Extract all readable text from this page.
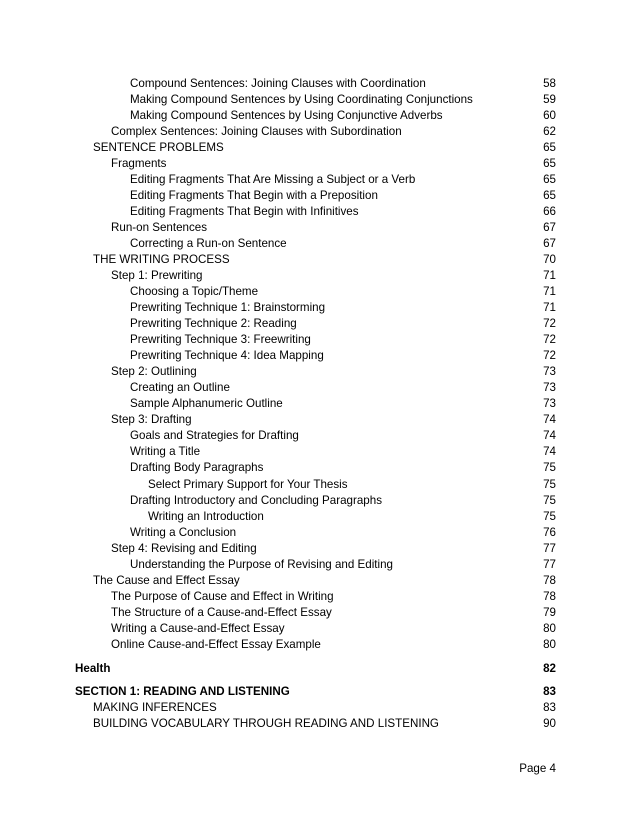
Compound Sentences: Joining Clauses with Coordination	58
Making Compound Sentences by Using Coordinating Conjunctions	59
Making Compound Sentences by Using Conjunctive Adverbs	60
Complex Sentences: Joining Clauses with Subordination	62
SENTENCE PROBLEMS	65
Fragments	65
Editing Fragments That Are Missing a Subject or a Verb	65
Editing Fragments That Begin with a Preposition	65
Editing Fragments That Begin with Infinitives	66
Run-on Sentences	67
Correcting a Run-on Sentence	67
THE WRITING PROCESS	70
Step 1: Prewriting	71
Choosing a Topic/Theme	71
Prewriting Technique 1: Brainstorming	71
Prewriting Technique 2: Reading	72
Prewriting Technique 3: Freewriting	72
Prewriting Technique 4: Idea Mapping	72
Step 2: Outlining	73
Creating an Outline	73
Sample Alphanumeric Outline	73
Step 3: Drafting	74
Goals and Strategies for Drafting	74
Writing a Title	74
Drafting Body Paragraphs	75
Select Primary Support for Your Thesis	75
Drafting Introductory and Concluding Paragraphs	75
Writing an Introduction	75
Writing a Conclusion	76
Step 4: Revising and Editing	77
Understanding the Purpose of Revising and Editing	77
The Cause and Effect Essay	78
The Purpose of Cause and Effect in Writing	78
The Structure of a Cause-and-Effect Essay	79
Writing a Cause-and-Effect Essay	80
Online Cause-and-Effect Essay Example	80
Health	82
SECTION 1: READING AND LISTENING	83
MAKING INFERENCES	83
BUILDING VOCABULARY THROUGH READING AND LISTENING	90
Page 4
